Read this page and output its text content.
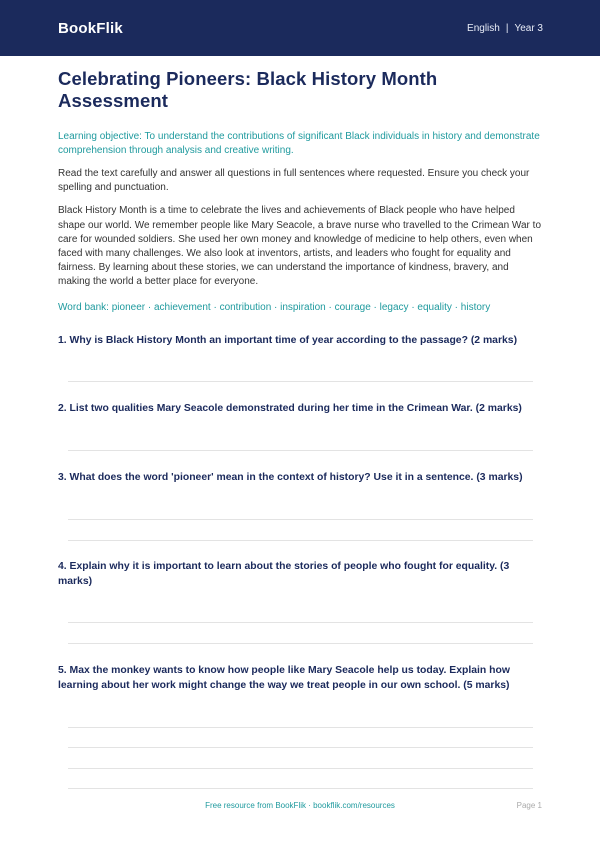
BookFlik	English | Year 3
Celebrating Pioneers: Black History Month Assessment
Learning objective: To understand the contributions of significant Black individuals in history and demonstrate comprehension through analysis and creative writing.
Read the text carefully and answer all questions in full sentences where requested. Ensure you check your spelling and punctuation.
Black History Month is a time to celebrate the lives and achievements of Black people who have helped shape our world. We remember people like Mary Seacole, a brave nurse who travelled to the Crimean War to care for wounded soldiers. She used her own money and knowledge of medicine to help others, even when faced with many challenges. We also look at inventors, artists, and leaders who fought for equality and fairness. By learning about these stories, we can understand the importance of kindness, bravery, and making the world a better place for everyone.
Word bank: pioneer · achievement · contribution · inspiration · courage · legacy · equality · history
1. Why is Black History Month an important time of year according to the passage? (2 marks)
2. List two qualities Mary Seacole demonstrated during her time in the Crimean War. (2 marks)
3. What does the word 'pioneer' mean in the context of history? Use it in a sentence. (3 marks)
4. Explain why it is important to learn about the stories of people who fought for equality. (3 marks)
5. Max the monkey wants to know how people like Mary Seacole help us today. Explain how learning about her work might change the way we treat people in our own school. (5 marks)
Free resource from BookFlik · bookflik.com/resources	Page 1
